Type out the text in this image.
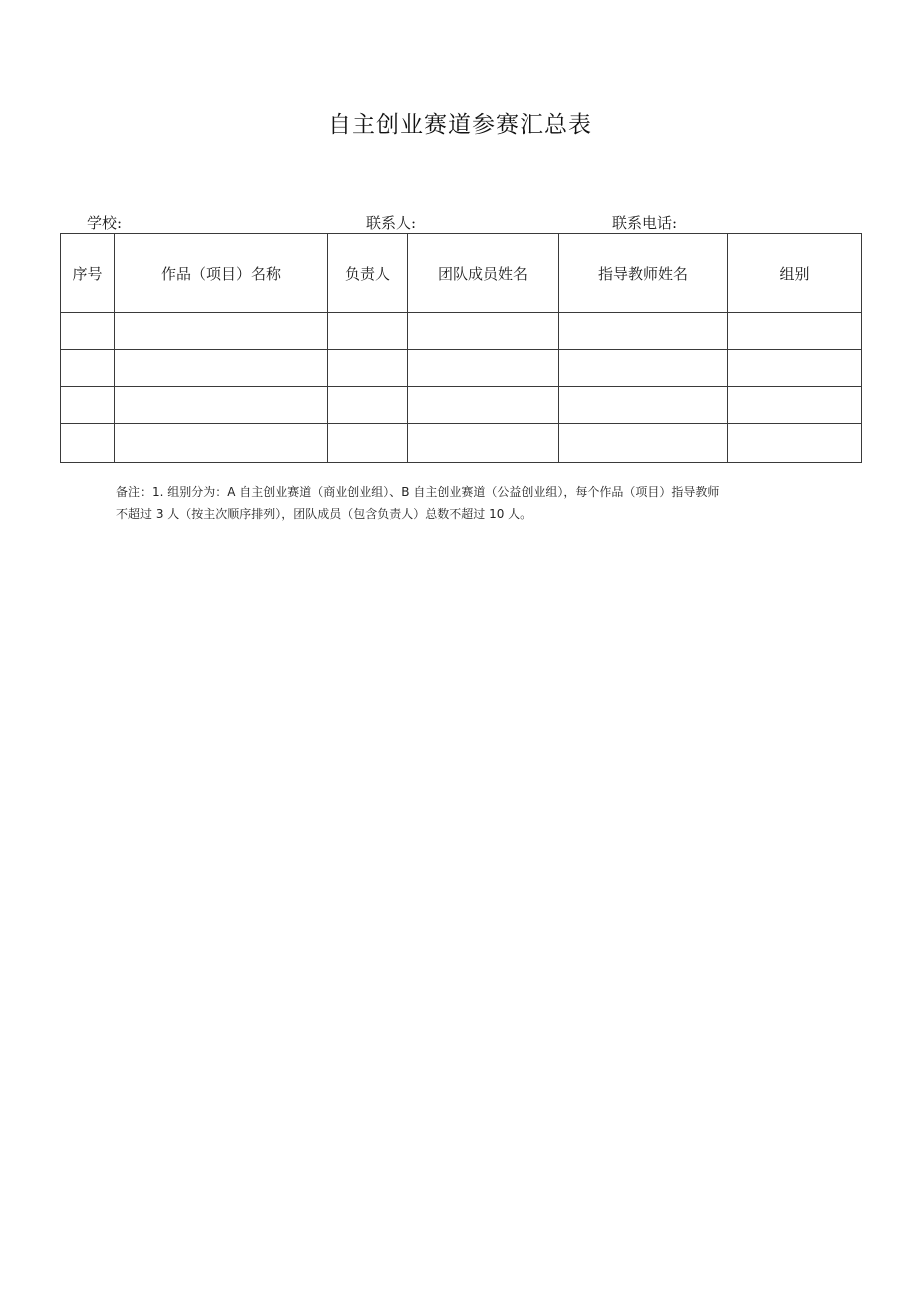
自主创业赛道参赛汇总表
学校:	联系人:	联系电话:
序号	作品（项目）名称	负责人	团队成员姓名	指导教师姓名	组别

备注：1. 组别分为：A 自主创业赛道（商业创业组）、B 自主创业赛道（公益创业组），每个作品（项目）指导教师

不超过 3 人（按主次顺序排列），团队成员（包含负责人）总数不超过 10 人。
